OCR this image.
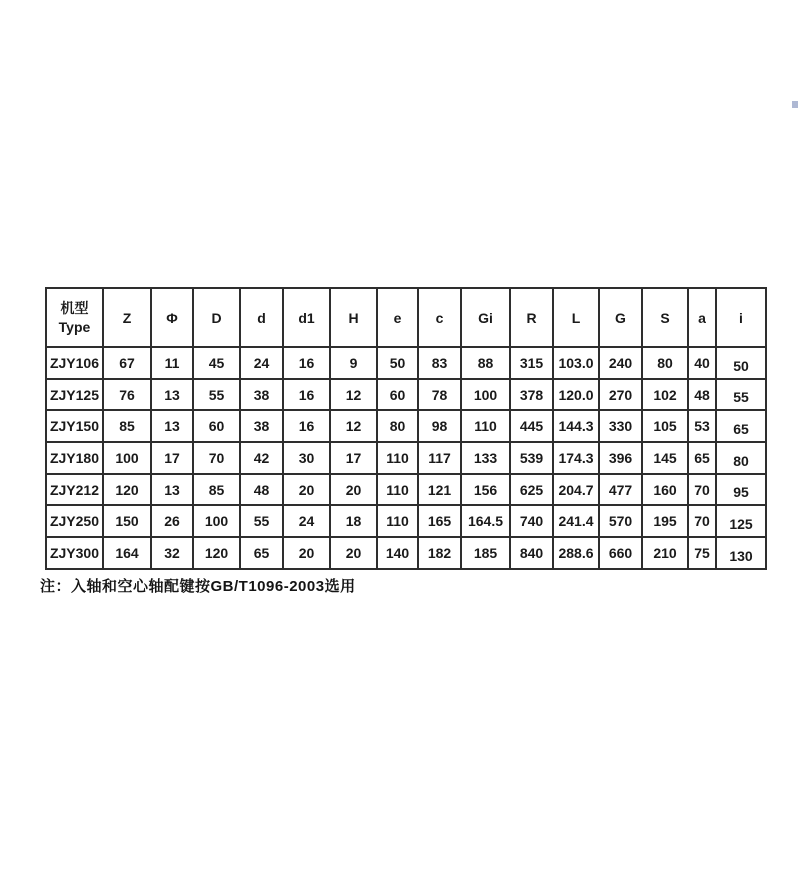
机型
Type	Z	Φ	D	d	d1	H	e	c	Gi	R	L	G	S	a	i
ZJY106	67	11	45	24	16	9	50	83	88	315	103.0	240	80	40	50
ZJY125	76	13	55	38	16	12	60	78	100	378	120.0	270	102	48	55
ZJY150	85	13	60	38	16	12	80	98	110	445	144.3	330	105	53	65
ZJY180	100	17	70	42	30	17	110	117	133	539	174.3	396	145	65	80
ZJY212	120	13	85	48	20	20	110	121	156	625	204.7	477	160	70	95
ZJY250	150	26	100	55	24	18	110	165	164.5	740	241.4	570	195	70	125
ZJY300	164	32	120	65	20	20	140	182	185	840	288.6	660	210	75	130
注：入轴和空心轴配键按GB/T1096-2003选用
